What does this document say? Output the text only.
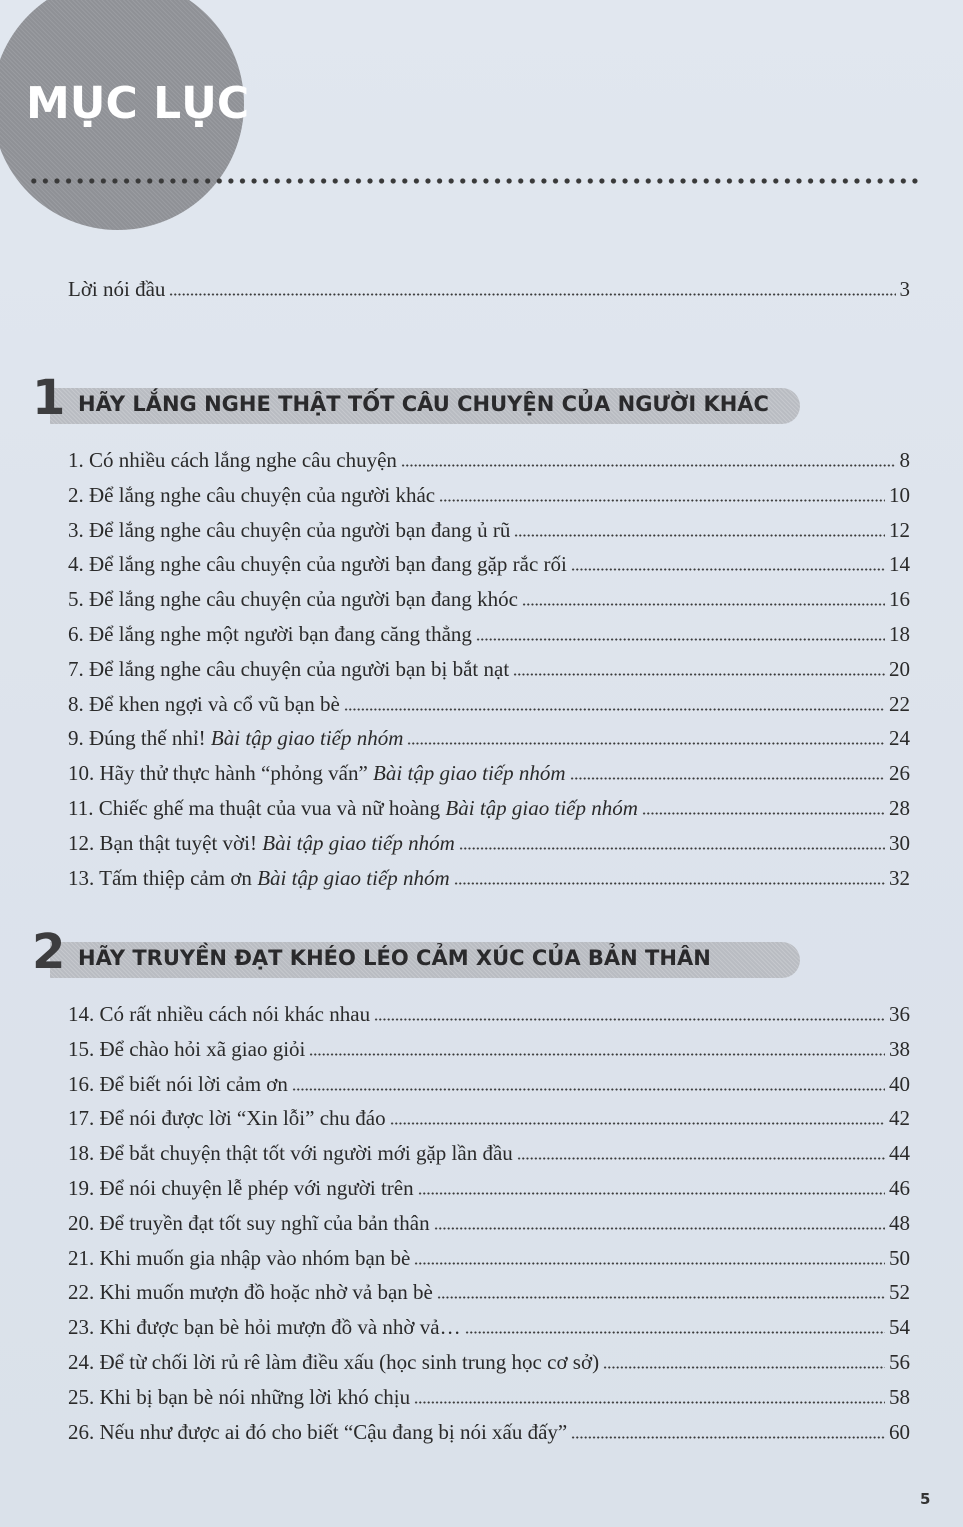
MỤC LỤC
Lời nói đầu	3
1 HÃY LẮNG NGHE THẬT TỐT CÂU CHUYỆN CỦA NGƯỜI KHÁC
2 HÃY TRUYỀN ĐẠT KHÉO LÉO CẢM XÚC CỦA BẢN THÂN
1. Có nhiều cách lắng nghe câu chuyện	8
2. Để lắng nghe câu chuyện của người khác	10
3. Để lắng nghe câu chuyện của người bạn đang ủ rũ	12
4. Để lắng nghe câu chuyện của người bạn đang gặp rắc rối	14
5. Để lắng nghe câu chuyện của người bạn đang khóc	16
6. Để lắng nghe một người bạn đang căng thẳng	18
7. Để lắng nghe câu chuyện của người bạn bị bắt nạt	20
8. Để khen ngợi và cổ vũ bạn bè	22
9. Đúng thế nhỉ! Bài tập giao tiếp nhóm	24
10. Hãy thử thực hành “phỏng vấn” Bài tập giao tiếp nhóm	26
11. Chiếc ghế ma thuật của vua và nữ hoàng Bài tập giao tiếp nhóm	28
12. Bạn thật tuyệt vời! Bài tập giao tiếp nhóm	30
13. Tấm thiệp cảm ơn Bài tập giao tiếp nhóm	32
14. Có rất nhiều cách nói khác nhau	36
15. Để chào hỏi xã giao giỏi	38
16. Để biết nói lời cảm ơn	40
17. Để nói được lời “Xin lỗi” chu đáo	42
18. Để bắt chuyện thật tốt với người mới gặp lần đầu	44
19. Để nói chuyện lễ phép với người trên	46
20. Để truyền đạt tốt suy nghĩ của bản thân	48
21. Khi muốn gia nhập vào nhóm bạn bè	50
22. Khi muốn mượn đồ hoặc nhờ vả bạn bè	52
23. Khi được bạn bè hỏi mượn đồ và nhờ vả…	54
24. Để từ chối lời rủ rê làm điều xấu (học sinh trung học cơ sở)	56
25. Khi bị bạn bè nói những lời khó chịu	58
26. Nếu như được ai đó cho biết “Cậu đang bị nói xấu đấy”	60
5
